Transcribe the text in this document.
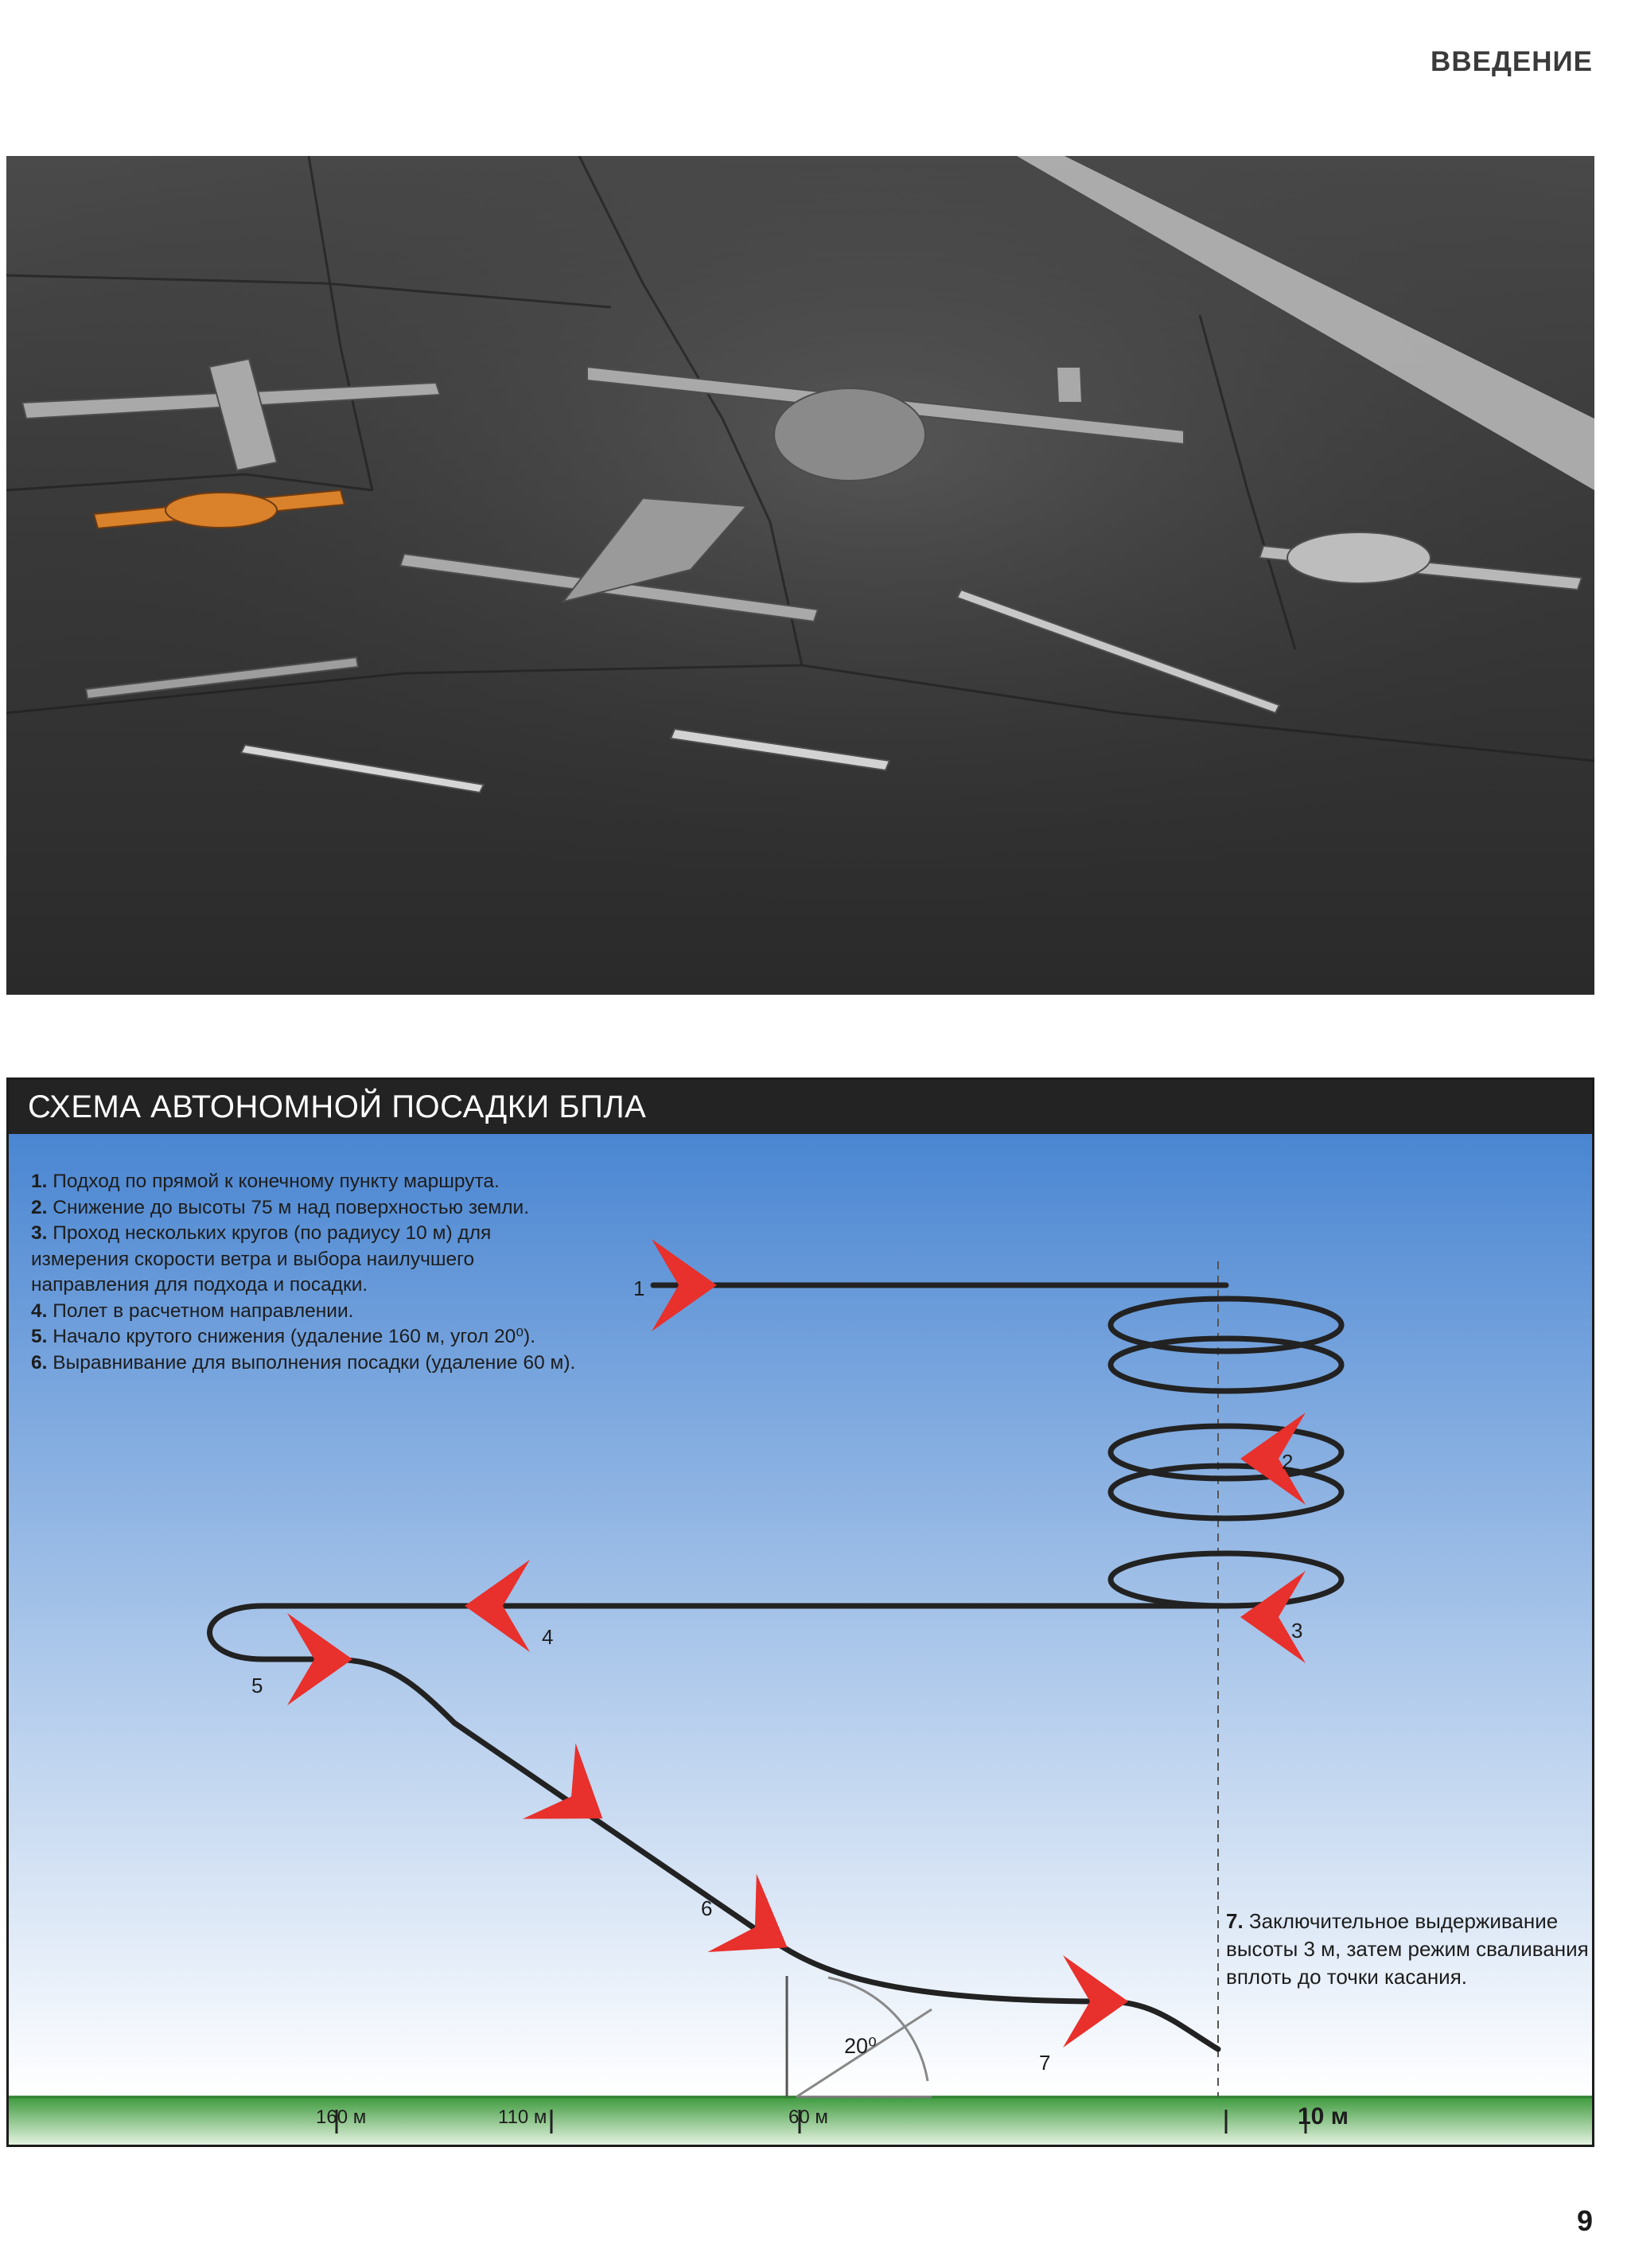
ВВЕДЕНИЕ
СХЕМА АВТОНОМНОЙ ПОСАДКИ БПЛА
20⁰
1
2
3
4
5
6
7
160 м	110 м	60 м	10 м
1. Подход по прямой к конечному пункту маршрута.
2. Снижение до высоты 75 м над поверхностью земли.
3. Проход нескольких кругов (по радиусу 10 м) для измерения скорости ветра и выбора наилучшего направления для подхода и посадки.
4. Полет в расчетном направлении.
5. Начало крутого снижения (удаление 160 м, угол 20⁰).
6. Выравнивание для выполнения посадки (удаление 60 м).
7. Заключительное выдерживание высоты 3 м, затем режим сваливания вплоть до точки касания.
9
